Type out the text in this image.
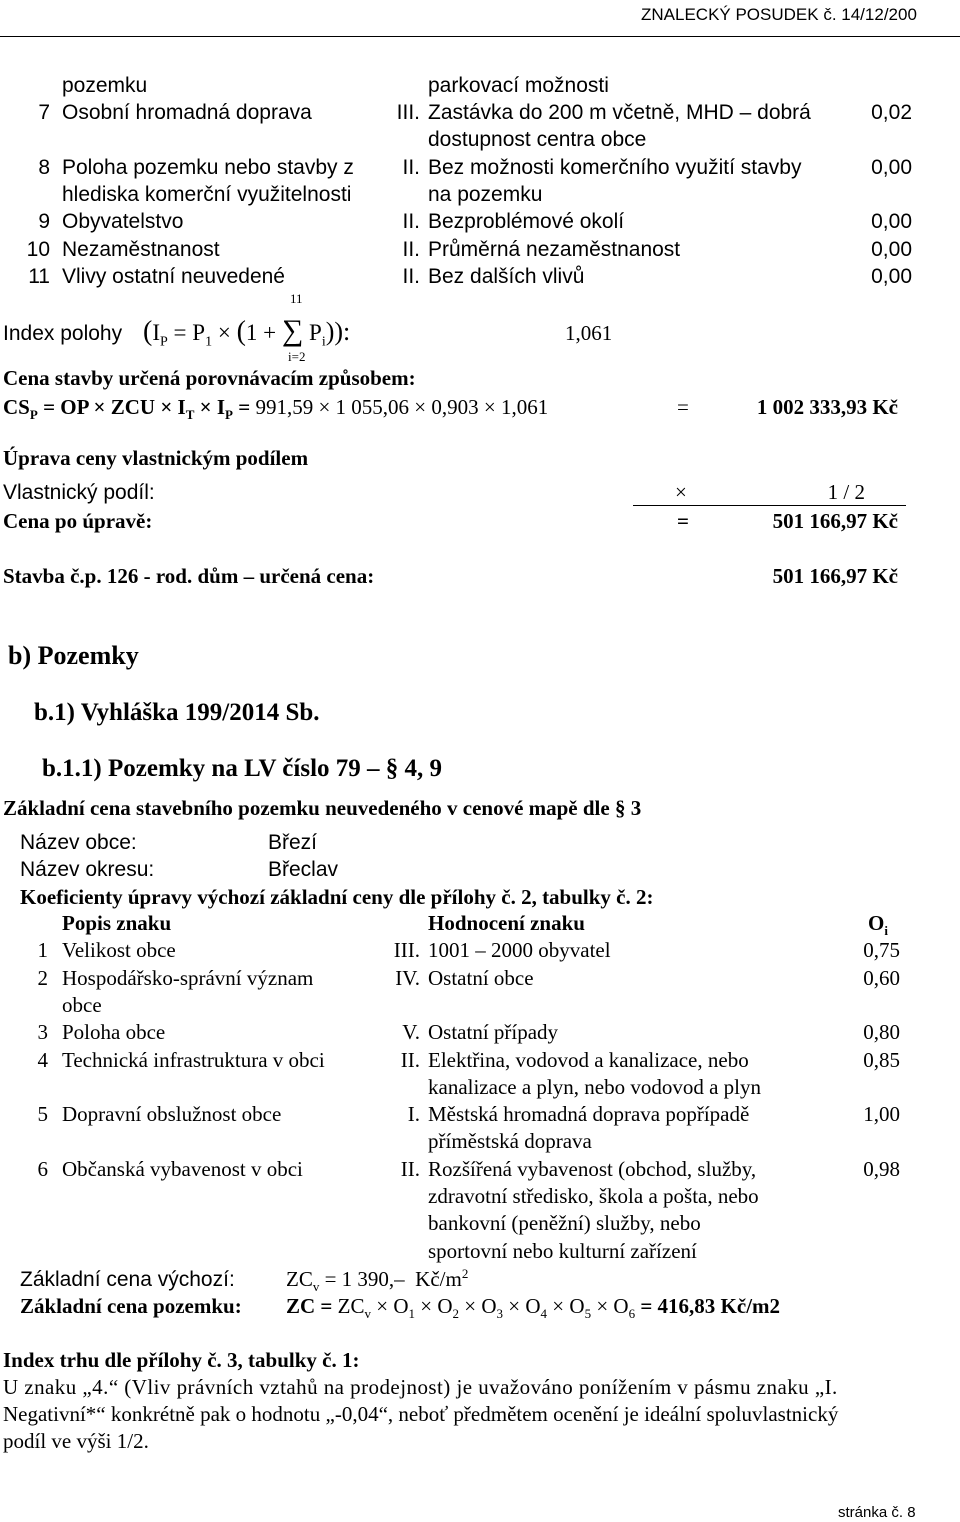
ZNALECKÝ POSUDEK č. 14/12/200
pozemku	parkovací možnosti
7 Osobní hromadná doprava	III. Zastávka do 200 m včetně, MHD – dobrá	0,02
dostupnost centra obce
8 Poloha pozemku nebo stavby z	II. Bez možnosti komerčního využití stavby	0,00
hlediska komerční využitelnosti	na pozemku
9 Obyvatelstvo	II. Bezproblémové okolí	0,00
10 Nezaměstnanost	II. Průměrná nezaměstnanost	0,00
11 Vlivy ostatní neuvedené	II. Bez dalších vlivů	0,00
Index polohy
11
i=2
($I_P = P_1 \times (1$ + ∑ $P_i$)):	1,061
Cena stavby určená porovnávacím způsobem:
$CS_P$ = OP × ZCU × $I_T \times I_P = 991,59 \times 1$ 055,06 × 0,903 × 1,061	=	1 002 333,93 Kč
Úprava ceny vlastnickým podílem
Vlastnický podíl:	×	1 / 2
Cena po úpravě:	=	501 166,97 Kč
Stavba č.p. 126 - rod. dům – určená cena:	501 166,97 Kč
b) Pozemky
b.1) Vyhláška 199/2014 Sb.
b.1.1) Pozemky na LV číslo 79 – § 4, 9
Základní cena stavebního pozemku neuvedeného v cenové mapě dle § 3
Název obce:	Březí
Název okresu:	Břeclav
Koeficienty úpravy výchozí základní ceny dle přílohy č. 2, tabulky č. 2:
Popis znaku	Hodnocení znaku	$O_i$
1 Velikost obce	III. 1001 – 2000 obyvatel	0,75
2 Hospodářsko-správní význam	IV. Ostatní obce	0,60
obce
3 Poloha obce	V. Ostatní případy	0,80
4 Technická infrastruktura v obci	II. Elektřina, vodovod a kanalizace, nebo	0,85
kanalizace a plyn, nebo vodovod a plyn
5 Dopravní obslužnost obce	I. Městská hromadná doprava popřípadě	1,00
příměstská doprava
6 Občanská vybavenost v obci	II. Rozšířená vybavenost (obchod, služby,	0,98
zdravotní středisko, škola a pošta, nebo
bankovní (peněžní) služby, nebo
sportovní nebo kulturní zařízení
Základní cena výchozí: $ZC_v = 1$ 390,–  $Kč/m^2$
Základní cena pozemku: ZC = $ZC_v \times O_1 \times O_2 \times O_3 \times O_4 \times O_5 \times O_6 = 416,83$ Kč/m2
Index trhu dle přílohy č. 3, tabulky č. 1:
U znaku „4.“ (Vliv právních vztahů na prodejnost) je uvažováno ponížením v pásmu znaku „I.
Negativní*“ konkrétně pak o hodnotu „-0,04“, neboť předmětem ocenění je ideální spoluvlastnický
podíl ve výši 1/2.
stránka č. 8
